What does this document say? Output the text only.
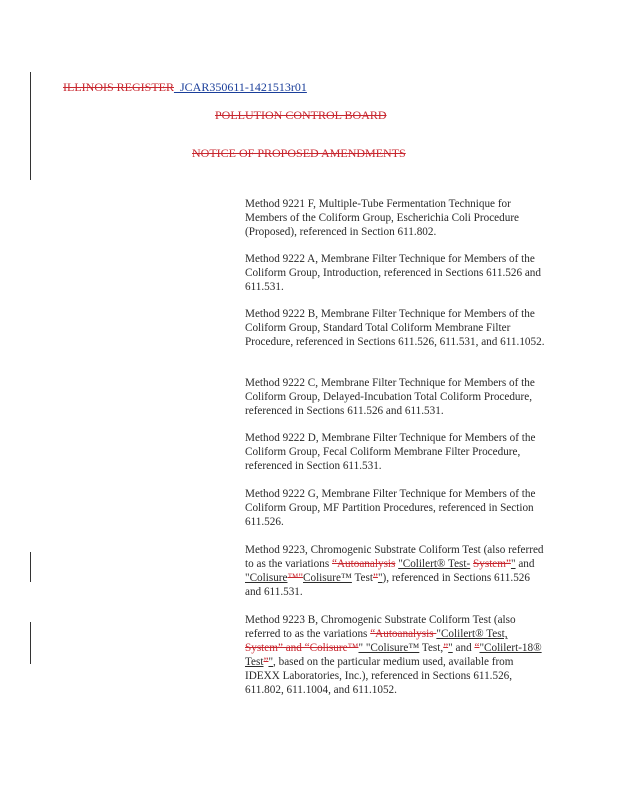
ILLINOIS REGISTER_JCAR350611-1421513r01
POLLUTION CONTROL BOARD
NOTICE OF PROPOSED AMENDMENTS
Method 9221 F, Multiple-Tube Fermentation Technique for Members of the Coliform Group, Escherichia Coli Procedure (Proposed), referenced in Section 611.802.
Method 9222 A, Membrane Filter Technique for Members of the Coliform Group, Introduction, referenced in Sections 611.526 and 611.531.
Method 9222 B, Membrane Filter Technique for Members of the Coliform Group, Standard Total Coliform Membrane Filter Procedure, referenced in Sections 611.526, 611.531, and 611.1052.
Method 9222 C, Membrane Filter Technique for Members of the Coliform Group, Delayed-Incubation Total Coliform Procedure, referenced in Sections 611.526 and 611.531.
Method 9222 D, Membrane Filter Technique for Members of the Coliform Group, Fecal Coliform Membrane Filter Procedure, referenced in Section 611.531.
Method 9222 G, Membrane Filter Technique for Members of the Coliform Group, MF Partition Procedures, referenced in Section 611.526.
Method 9223, Chromogenic Substrate Coliform Test (also referred to as the variations “Autoanalysis "Colilert® Test- System”" and "Colisure™"Colisure™ Test”"), referenced in Sections 611.526 and 611.531.
Method 9223 B, Chromogenic Substrate Coliform Test (also referred to as the variations “Autoanalysis "Colilert® Test, System” and “Colisure™" "Colisure™ Test,”" and “"Colilert-18® Test”", based on the particular medium used, available from IDEXX Laboratories, Inc.), referenced in Sections 611.526, 611.802, 611.1004, and 611.1052.
